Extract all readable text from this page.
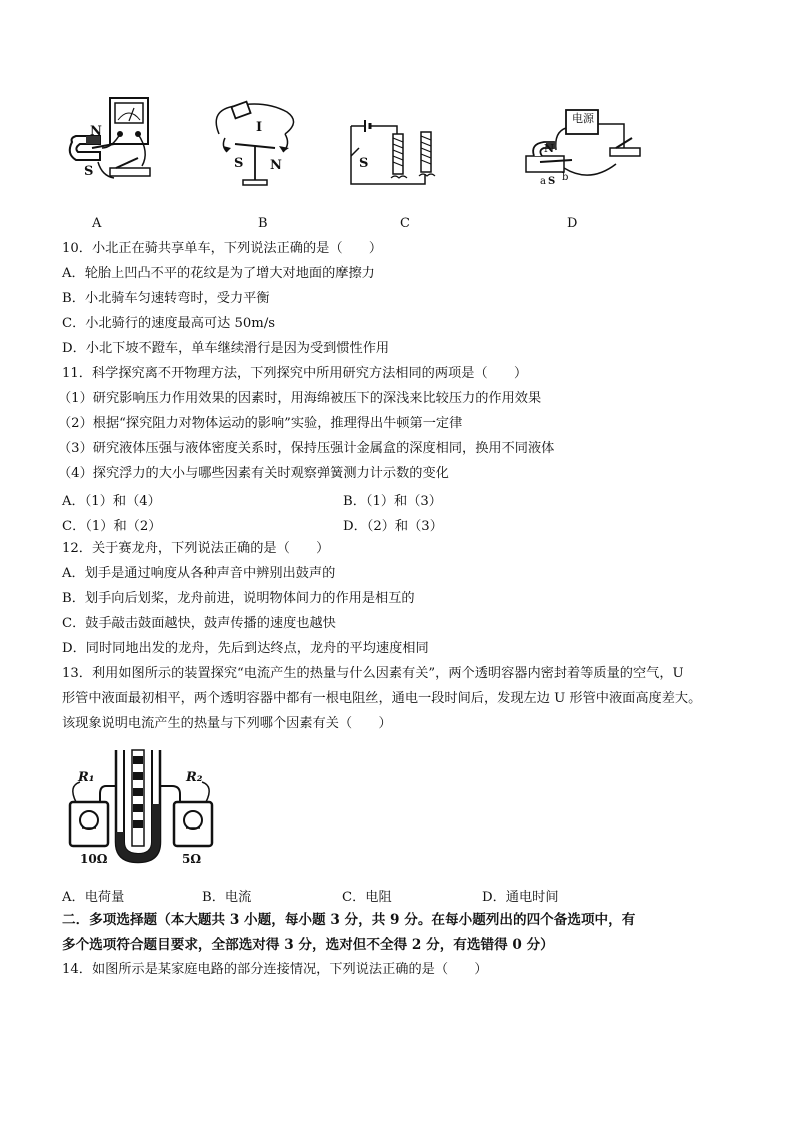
N
S
I
S N	S
电源
N
a S b
A	B	C	D
10．小北正在骑共享单车，下列说法正确的是（　　）
A．轮胎上凹凸不平的花纹是为了增大对地面的摩擦力
B．小北骑车匀速转弯时，受力平衡
C．小北骑行的速度最高可达 50m/s
D．小北下坡不蹬车，单车继续滑行是因为受到惯性作用
11．科学探究离不开物理方法，下列探究中所用研究方法相同的两项是（　　）
（1）研究影响压力作用效果的因素时，用海绵被压下的深浅来比较压力的作用效果
（2）根据“探究阻力对物体运动的影响”实验，推理得出牛顿第一定律
（3）研究液体压强与液体密度关系时，保持压强计金属盒的深度相同，换用不同液体
（4）探究浮力的大小与哪些因素有关时观察弹簧测力计示数的变化
A．（1）和（4）	B．（1）和（3）
C．（1）和（2）	D．（2）和（3）
12．关于赛龙舟，下列说法正确的是（　　）
A．划手是通过响度从各种声音中辨别出鼓声的
B．划手向后划桨，龙舟前进，说明物体间力的作用是相互的
C．鼓手敲击鼓面越快，鼓声传播的速度也越快
D．同时同地出发的龙舟，先后到达终点，龙舟的平均速度相同
13．利用如图所示的装置探究“电流产生的热量与什么因素有关”，两个透明容器内密封着等质量的空气，U
形管中液面最初相平，两个透明容器中都有一根电阻丝，通电一段时间后，发现左边 U 形管中液面高度差大。
该现象说明电流产生的热量与下列哪个因素有关（　　）
R₁	R₂
10Ω	5Ω
A．电荷量	B．电流	C．电阻	D．通电时间
二．多项选择题（本大题共 3 小题，每小题 3 分，共 9 分。在每小题列出的四个备选项中，有
多个选项符合题目要求，全部选对得 3 分，选对但不全得 2 分，有选错得 0 分）
14．如图所示是某家庭电路的部分连接情况，下列说法正确的是（　　）
